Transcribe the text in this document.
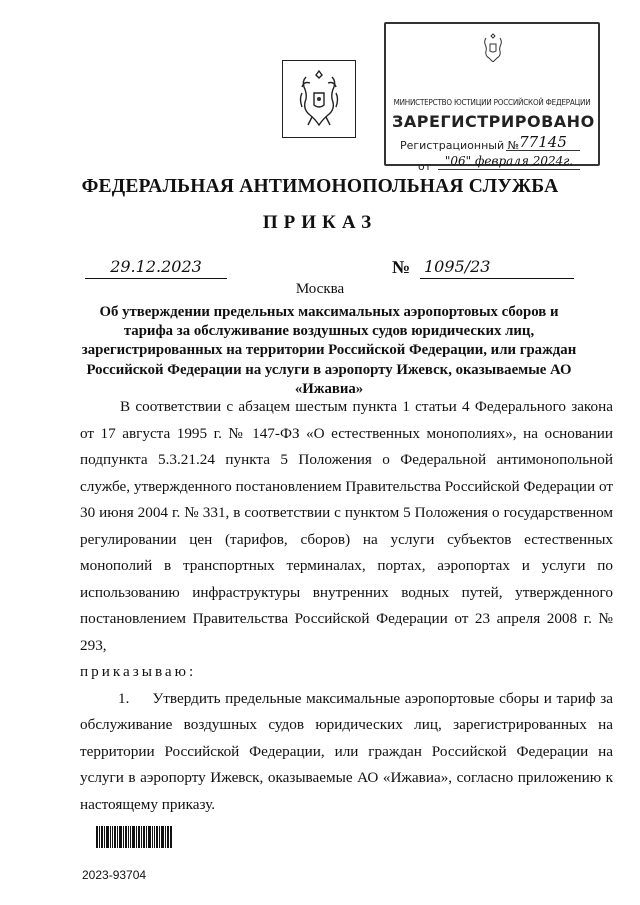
МИНИСТЕРСТВО ЮСТИЦИИ РОССИЙСКОЙ ФЕДЕРАЦИИ
ЗАРЕГИСТРИРОВАНО
Регистрационный № 77145
от	"06" февраля 2024г.
ФЕДЕРАЛЬНАЯ АНТИМОНОПОЛЬНАЯ СЛУЖБА
ПРИКАЗ
29.12.2023	№ 1095/23
Москва
Об утверждении предельных максимальных аэропортовых сборов и тарифа за обслуживание воздушных судов юридических лиц, зарегистрированных на территории Российской Федерации, или граждан Российской Федерации на услуги в аэропорту Ижевск, оказываемые АО «Ижавиа»

В соответствии с абзацем шестым пункта 1 статьи 4 Федерального закона от 17 августа 1995 г. № 147-ФЗ «О естественных монополиях», на основании подпункта 5.3.21.24 пункта 5 Положения о Федеральной антимонопольной службе, утвержденного постановлением Правительства Российской Федерации от 30 июня 2004 г. № 331, в соответствии с пунктом 5 Положения о государственном регулировании цен (тарифов, сборов) на услуги субъектов естественных монополий в транспортных терминалах, портах, аэропортах и услуги по использованию инфраструктуры внутренних водных путей, утвержденного постановлением Правительства Российской Федерации от 23 апреля 2008 г. № 293,

приказываю:

1. Утвердить предельные максимальные аэропортовые сборы и тариф за обслуживание воздушных судов юридических лиц, зарегистрированных на территории Российской Федерации, или граждан Российской Федерации на услуги в аэропорту Ижевск, оказываемые АО «Ижавиа», согласно приложению к настоящему приказу.

2023-93704
